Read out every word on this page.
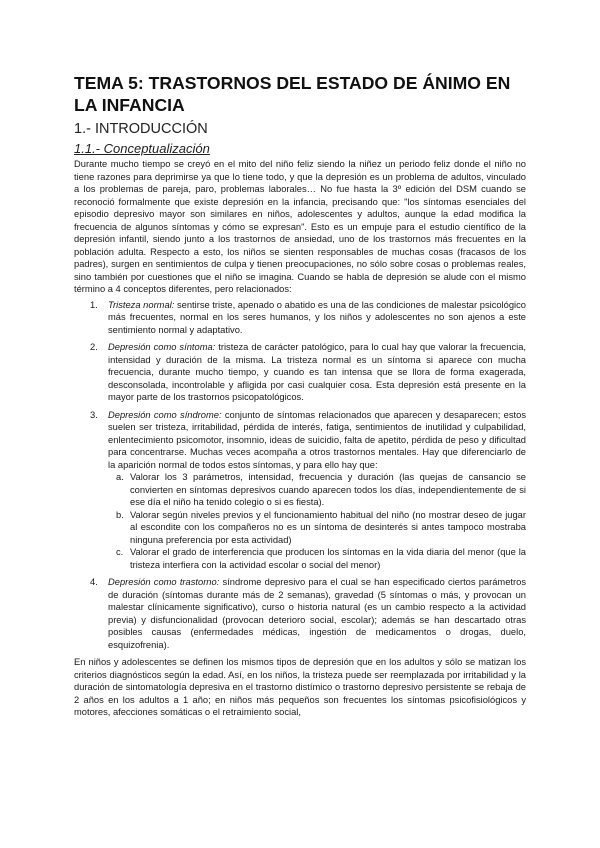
TEMA 5: TRASTORNOS DEL ESTADO DE ÁNIMO EN LA INFANCIA
1.- INTRODUCCIÓN
1.1.- Conceptualización

Durante mucho tiempo se creyó en el mito del niño feliz siendo la niñez un periodo feliz donde el niño no tiene razones para deprimirse ya que lo tiene todo, y que la depresión es un problema de adultos, vinculado a los problemas de pareja, paro, problemas laborales… No fue hasta la 3º edición del DSM cuando se reconoció formalmente que existe depresión en la infancia, precisando que: "los síntomas esenciales del episodio depresivo mayor son similares en niños, adolescentes y adultos, aunque la edad modifica la frecuencia de algunos síntomas y cómo se expresan". Esto es un empuje para el estudio científico de la depresión infantil, siendo junto a los trastornos de ansiedad, uno de los trastornos más frecuentes en la población adulta. Respecto a esto, los niños se sienten responsables de muchas cosas (fracasos de los padres), surgen en sentimientos de culpa y tienen preocupaciones, no sólo sobre cosas o problemas reales, sino también por cuestiones que el niño se imagina. Cuando se habla de depresión se alude con el mismo término a 4 conceptos diferentes, pero relacionados:

1. Tristeza normal: sentirse triste, apenado o abatido es una de las condiciones de malestar psicológico más frecuentes, normal en los seres humanos, y los niños y adolescentes no son ajenos a este sentimiento normal y adaptativo.
2. Depresión como síntoma: tristeza de carácter patológico, para lo cual hay que valorar la frecuencia, intensidad y duración de la misma. La tristeza normal es un síntoma si aparece con mucha frecuencia, durante mucho tiempo, y cuando es tan intensa que se llora de forma exagerada, desconsolada, incontrolable y afligida por casi cualquier cosa. Esta depresión está presente en la mayor parte de los trastornos psicopatológicos.
3. Depresión como síndrome: conjunto de síntomas relacionados que aparecen y desaparecen; estos suelen ser tristeza, irritabilidad, pérdida de interés, fatiga, sentimientos de inutilidad y culpabilidad, enlentecimiento psicomotor, insomnio, ideas de suicidio, falta de apetito, pérdida de peso y dificultad para concentrarse. Muchas veces acompaña a otros trastornos mentales. Hay que diferenciarlo de la aparición normal de todos estos síntomas, y para ello hay que:
a. Valorar los 3 parámetros, intensidad, frecuencia y duración (las quejas de cansancio se convierten en síntomas depresivos cuando aparecen todos los días, independientemente de si ese día el niño ha tenido colegio o si es fiesta).
b. Valorar según niveles previos y el funcionamiento habitual del niño (no mostrar deseo de jugar al escondite con los compañeros no es un síntoma de desinterés si antes tampoco mostraba ninguna preferencia por esta actividad)
c. Valorar el grado de interferencia que producen los síntomas en la vida diaria del menor (que la tristeza interfiera con la actividad escolar o social del menor)
4. Depresión como trastorno: síndrome depresivo para el cual se han especificado ciertos parámetros de duración (síntomas durante más de 2 semanas), gravedad (5 síntomas o más, y provocan un malestar clínicamente significativo), curso o historia natural (es un cambio respecto a la actividad previa) y disfuncionalidad (provocan deterioro social, escolar); además se han descartado otras posibles causas (enfermedades médicas, ingestión de medicamentos o drogas, duelo, esquizofrenia).

En niños y adolescentes se definen los mismos tipos de depresión que en los adultos y sólo se matizan los criterios diagnósticos según la edad. Así, en los niños, la tristeza puede ser reemplazada por irritabilidad y la duración de sintomatología depresiva en el trastorno distímico o trastorno depresivo persistente se rebaja de 2 años en los adultos a 1 año; en niños más pequeños son frecuentes los síntomas psicofisiológicos y motores, afecciones somáticas o el retraimiento social,
